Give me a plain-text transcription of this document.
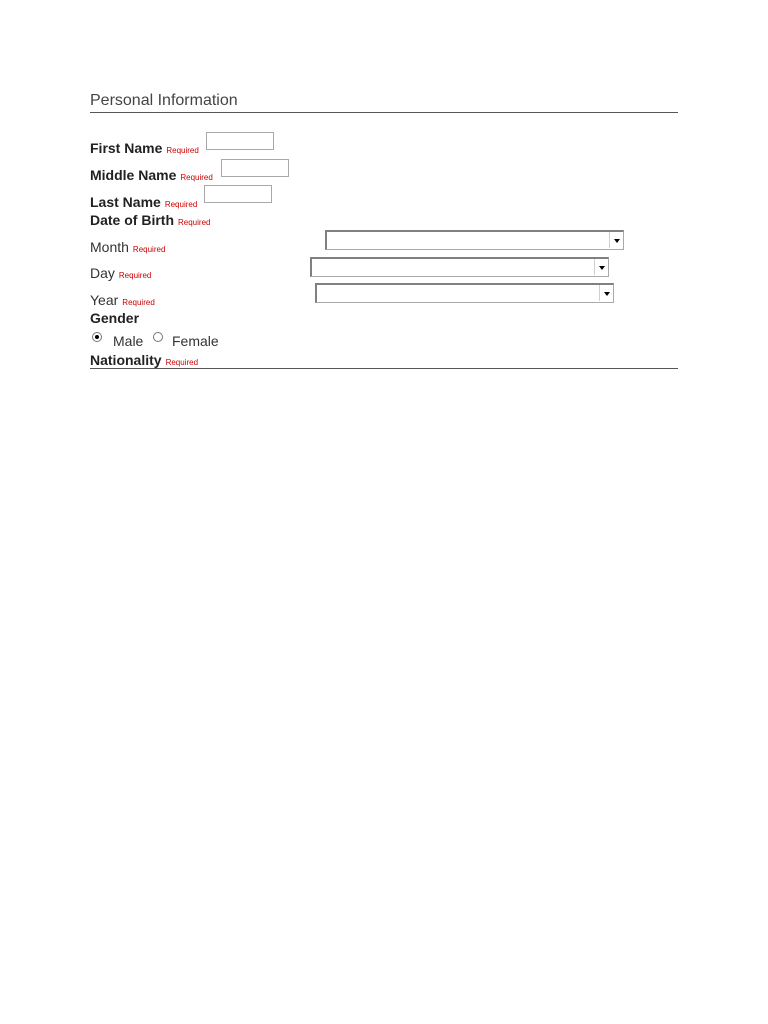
Personal Information
First Name Required
Middle Name Required
Last Name Required
Date of Birth Required
Month Required
Day Required
Year Required
Gender
Male Female
Nationality Required
